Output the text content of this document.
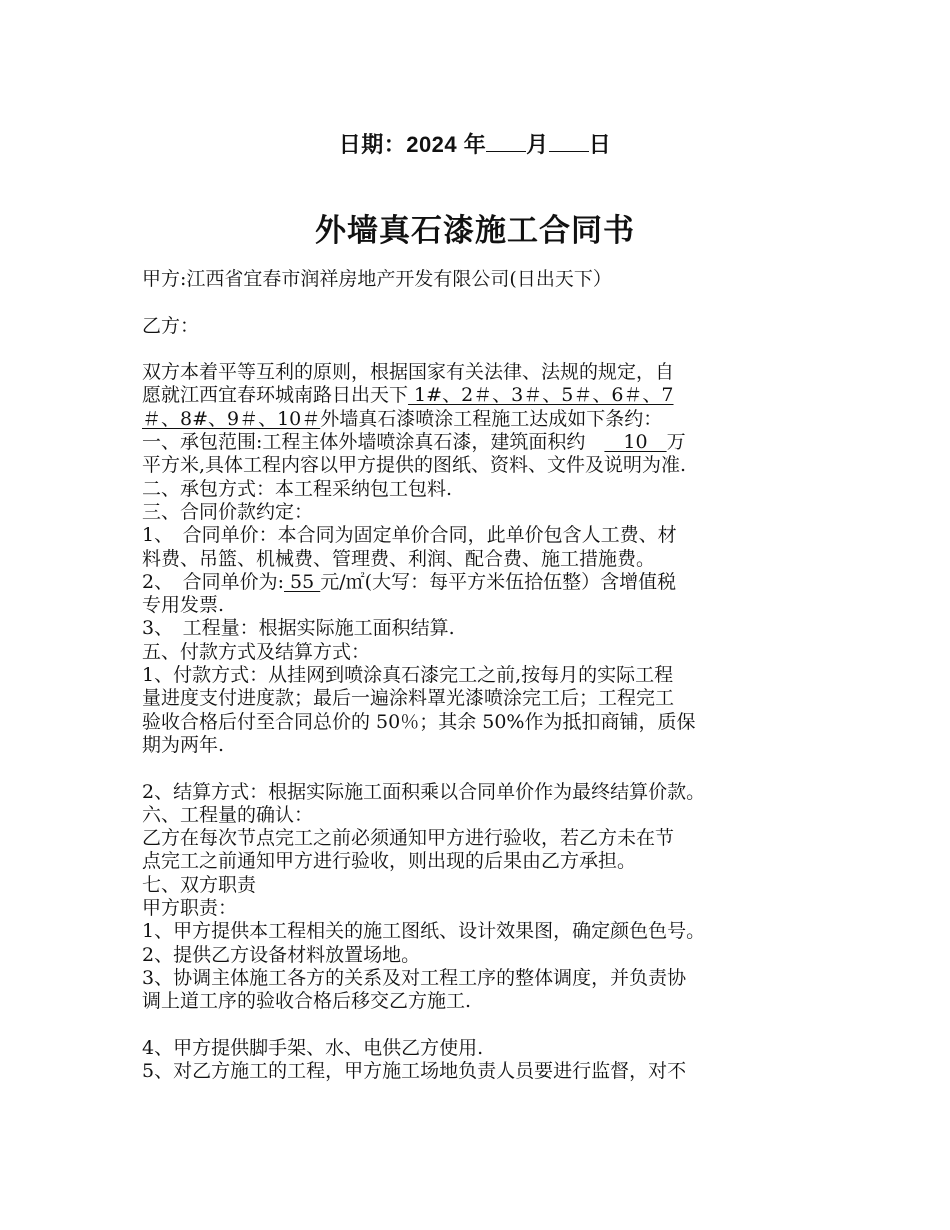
日期：2024 年 月 日
外墙真石漆施工合同书

甲方:江西省宜春市润祥房地产开发有限公司(日出天下）

乙方：

双方本着平等互利的原则，根据国家有关法律、法规的规定，自

愿就江西宜春环城南路日出天下 1#、2＃、3＃、5＃、6＃、7

＃、8#、9＃、10＃外墙真石漆喷涂工程施工达成如下条约：

一、承包范围:工程主体外墙喷涂真石漆，建筑面积约　　10　万

平方米,具体工程内容以甲方提供的图纸、资料、文件及说明为准.

二、承包方式：本工程采纳包工包料.

三、合同价款约定：

1、　合同单价：本合同为固定单价合同，此单价包含人工费、材

料费、吊篮、机械费、管理费、利润、配合费、施工措施费。

2、　合同单价为: 55 元/㎡(大写：每平方米伍拾伍整）含增值税

专用发票.

3、　工程量：根据实际施工面积结算.

五、付款方式及结算方式：

1、付款方式：从挂网到喷涂真石漆完工之前,按每月的实际工程

量进度支付进度款；最后一遍涂料罩光漆喷涂完工后；工程完工

验收合格后付至合同总价的 50％；其余 50%作为抵扣商铺，质保

期为两年.

2、结算方式：根据实际施工面积乘以合同单价作为最终结算价款。

六、工程量的确认：

乙方在每次节点完工之前必须通知甲方进行验收，若乙方未在节

点完工之前通知甲方进行验收，则出现的后果由乙方承担。

七、双方职责

甲方职责：

1、甲方提供本工程相关的施工图纸、设计效果图，确定颜色色号。

2、提供乙方设备材料放置场地。

3、协调主体施工各方的关系及对工程工序的整体调度，并负责协

调上道工序的验收合格后移交乙方施工.

4、甲方提供脚手架、水、电供乙方使用.

5、对乙方施工的工程，甲方施工场地负责人员要进行监督，对不
